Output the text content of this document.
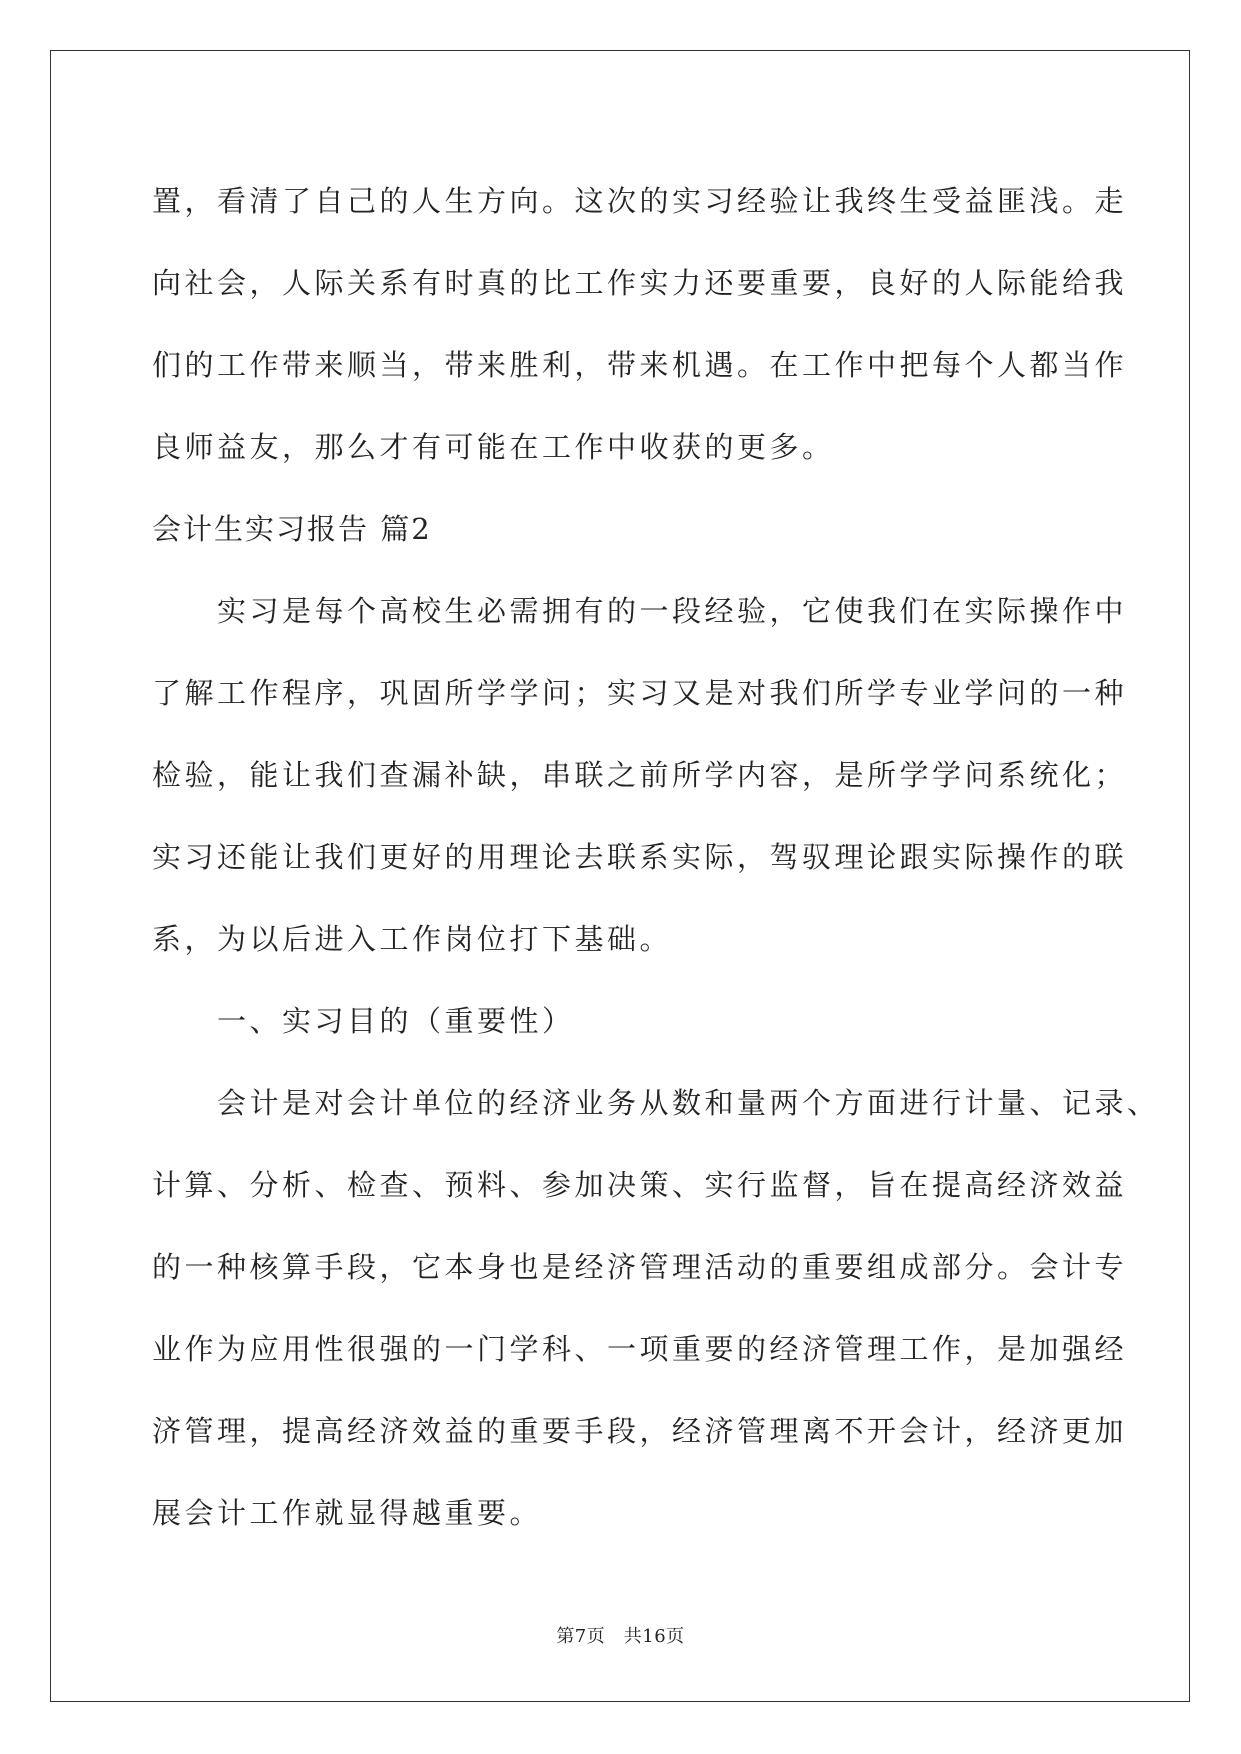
置，看清了自己的人生方向。这次的实习经验让我终生受益匪浅。走
向社会，人际关系有时真的比工作实力还要重要，良好的人际能给我
们的工作带来顺当，带来胜利，带来机遇。在工作中把每个人都当作
良师益友，那么才有可能在工作中收获的更多。
会计生实习报告 篇2
　　实习是每个高校生必需拥有的一段经验，它使我们在实际操作中
了解工作程序，巩固所学学问；实习又是对我们所学专业学问的一种
检验，能让我们查漏补缺，串联之前所学内容，是所学学问系统化；
实习还能让我们更好的用理论去联系实际，驾驭理论跟实际操作的联
系，为以后进入工作岗位打下基础。
　　一、实习目的（重要性）
　　会计是对会计单位的经济业务从数和量两个方面进行计量、记录、
计算、分析、检查、预料、参加决策、实行监督，旨在提高经济效益
的一种核算手段，它本身也是经济管理活动的重要组成部分。会计专
业作为应用性很强的一门学科、一项重要的经济管理工作，是加强经
济管理，提高经济效益的重要手段，经济管理离不开会计，经济更加
展会计工作就显得越重要。
第7页　共16页
